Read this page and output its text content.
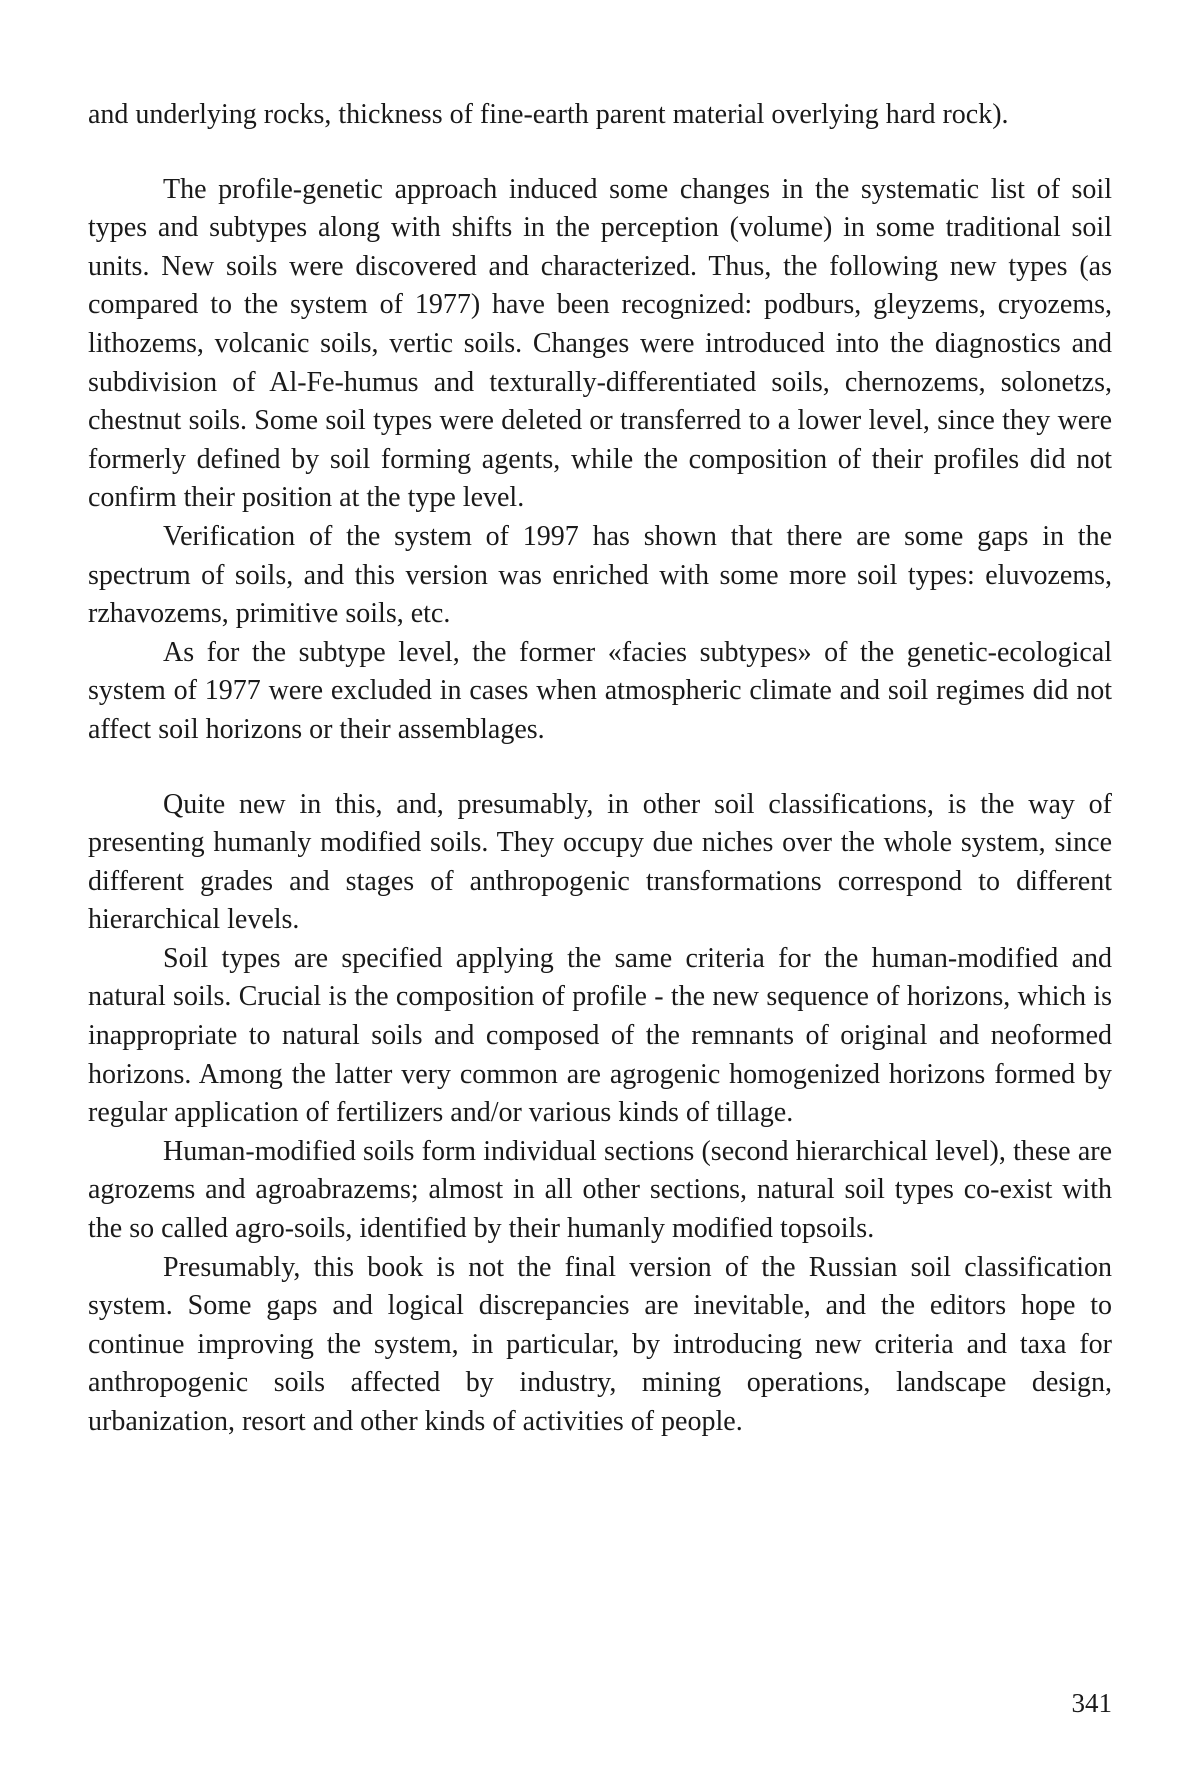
and underlying rocks, thickness of fine-earth parent material overlying hard rock).

The profile-genetic approach induced some changes in the systematic list of soil types and subtypes along with shifts in the perception (volume) in some traditional soil units. New soils were discovered and characterized. Thus, the following new types (as compared to the system of 1977) have been recognized: podburs, gleyzems, cryozems, lithozems, volcanic soils, vertic soils. Changes were introduced into the diagnostics and subdivision of Al-Fe-humus and texturally-differentiated soils, chernozems, solonetzs, chestnut soils. Some soil types were deleted or transferred to a lower level, since they were formerly defined by soil forming agents, while the composition of their profiles did not confirm their position at the type level.

Verification of the system of 1997 has shown that there are some gaps in the spectrum of soils, and this version was enriched with some more soil types: eluvozems, rzhavozems, primitive soils, etc.

As for the subtype level, the former «facies subtypes» of the genetic-ecological system of 1977 were excluded in cases when atmospheric climate and soil regimes did not affect soil horizons or their assemblages.

Quite new in this, and, presumably, in other soil classifications, is the way of presenting humanly modified soils. They occupy due niches over the whole system, since different grades and stages of anthropogenic transformations correspond to different hierarchical levels.

Soil types are specified applying the same criteria for the human-modified and natural soils. Crucial is the composition of profile - the new sequence of horizons, which is inappropriate to natural soils and composed of the remnants of original and neoformed horizons. Among the latter very common are agrogenic homogenized horizons formed by regular application of fertilizers and/or various kinds of tillage.

Human-modified soils form individual sections (second hierarchical level), these are agrozems and agroabrazems; almost in all other sections, natural soil types co-exist with the so called agro-soils, identified by their humanly modified topsoils.

Presumably, this book is not the final version of the Russian soil classification system. Some gaps and logical discrepancies are inevitable, and the editors hope to continue improving the system, in particular, by introducing new criteria and taxa for anthropogenic soils affected by industry, mining operations, landscape design, urbanization, resort and other kinds of activities of people.

341
